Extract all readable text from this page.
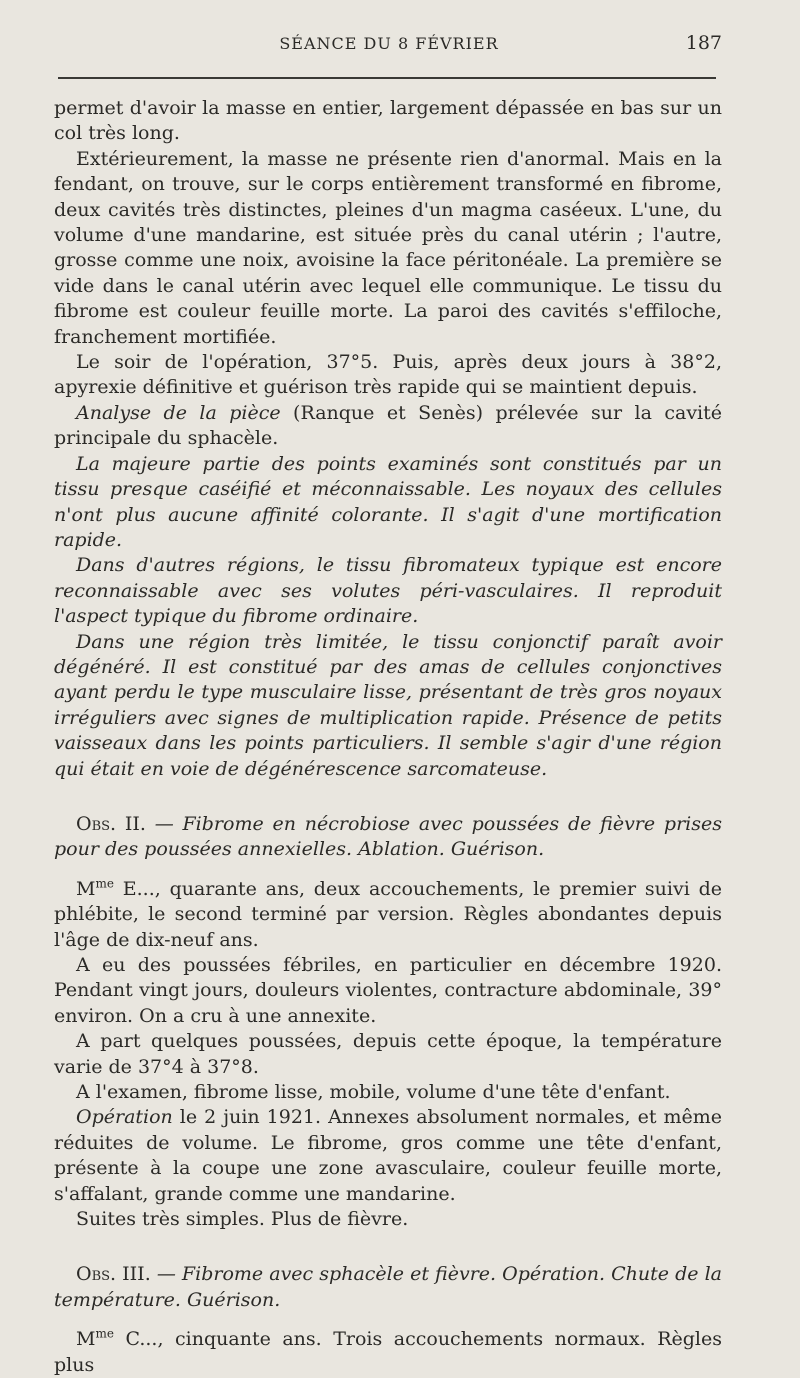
SÉANCE DU 8 FÉVRIER	187

permet d'avoir la masse en entier, largement dépassée en bas sur un col très long.

Extérieurement, la masse ne présente rien d'anormal. Mais en la fendant, on trouve, sur le corps entièrement transformé en fibrome, deux cavités très distinctes, pleines d'un magma caséeux. L'une, du volume d'une mandarine, est située près du canal utérin ; l'autre, grosse comme une noix, avoisine la face péritonéale. La première se vide dans le canal utérin avec lequel elle communique. Le tissu du fibrome est couleur feuille morte. La paroi des cavités s'effiloche, franchement mortifiée.

Le soir de l'opération, 37°5. Puis, après deux jours à 38°2, apyrexie définitive et guérison très rapide qui se maintient depuis.

Analyse de la pièce (Ranque et Senès) prélevée sur la cavité principale du sphacèle.

La majeure partie des points examinés sont constitués par un tissu presque caséifié et méconnaissable. Les noyaux des cellules n'ont plus aucune affinité colorante. Il s'agit d'une mortification rapide.

Dans d'autres régions, le tissu fibromateux typique est encore reconnaissable avec ses volutes péri-vasculaires. Il reproduit l'aspect typique du fibrome ordinaire.

Dans une région très limitée, le tissu conjonctif paraît avoir dégénéré. Il est constitué par des amas de cellules conjonctives ayant perdu le type musculaire lisse, présentant de très gros noyaux irréguliers avec signes de multiplication rapide. Présence de petits vaisseaux dans les points particuliers. Il semble s'agir d'une région qui était en voie de dégénérescence sarcomateuse.

Obs. II. — Fibrome en nécrobiose avec poussées de fièvre prises pour des poussées annexielles. Ablation. Guérison.

$M^{me}$ E..., quarante ans, deux accouchements, le premier suivi de phlébite, le second terminé par version. Règles abondantes depuis l'âge de dix-neuf ans.

A eu des poussées fébriles, en particulier en décembre 1920. Pendant vingt jours, douleurs violentes, contracture abdominale, 39° environ. On a cru à une annexite.

A part quelques poussées, depuis cette époque, la température varie de 37°4 à 37°8.

A l'examen, fibrome lisse, mobile, volume d'une tête d'enfant.

Opération le 2 juin 1921. Annexes absolument normales, et même réduites de volume. Le fibrome, gros comme une tête d'enfant, présente à la coupe une zone avasculaire, couleur feuille morte, s'affalant, grande comme une mandarine.

Suites très simples. Plus de fièvre.

Obs. III. — Fibrome avec sphacèle et fièvre. Opération. Chute de la température. Guérison.

$M^{me}$ C..., cinquante ans. Trois accouchements normaux. Règles plus
